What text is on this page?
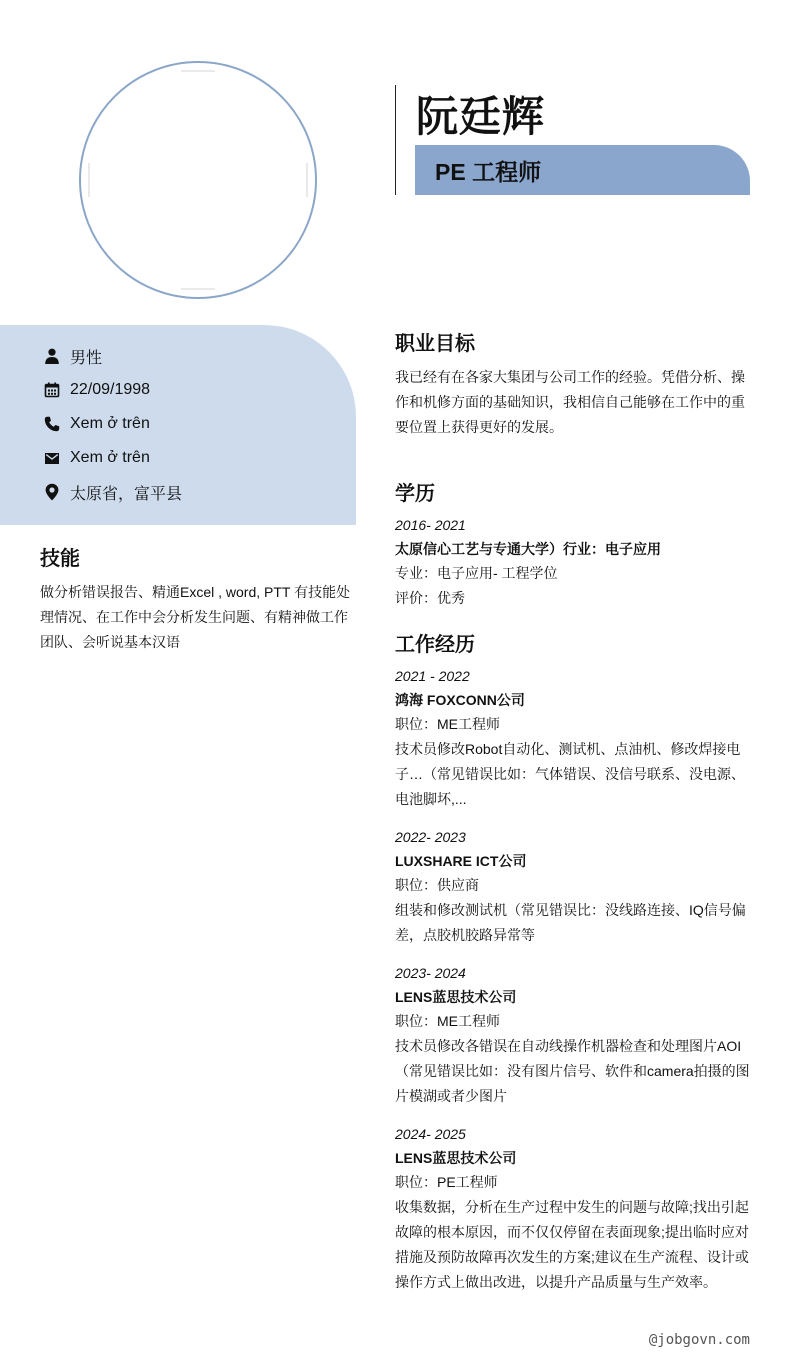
阮廷辉
PE 工程师
男性
22/09/1998
Xem ở trên
Xem ở trên
太原省，富平县
技能
做分析错误报告、精通Excel , word, PTT 有技能处理情况、在工作中会分析发生问题、有精神做工作团队、会听说基本汉语
职业目标
我已经有在各家大集团与公司工作的经验。凭借分析、操作和机修方面的基础知识，我相信自己能够在工作中的重要位置上获得更好的发展。
学历
2016- 2021
太原信心工艺与专通大学）行业：电子应用
专业：电子应用- 工程学位
评价：优秀
工作经历
2021 - 2022
鸿海 FOXCONN公司
职位：ME工程师
技术员修改Robot自动化、测试机、点油机、修改焊接电子…（常见错误比如：气体错误、没信号联系、没电源、电池脚坏,...
2022- 2023
LUXSHARE ICT公司
职位：供应商
组装和修改测试机（常见错误比：没线路连接、IQ信号偏差，点胶机胶路异常等
2023- 2024
LENS蓝思技术公司
职位：ME工程师
技术员修改各错误在自动线操作机器检查和处理图片AOI（常见错误比如：没有图片信号、软件和camera拍摄的图片模湖或者少图片
2024- 2025
LENS蓝思技术公司
职位：PE工程师
收集数据，分析在生产过程中发生的问题与故障;找出引起故障的根本原因，而不仅仅停留在表面现象;提出临时应对措施及预防故障再次发生的方案;建议在生产流程、设计或操作方式上做出改进，以提升产品质量与生产效率。
@jobgovn.com
